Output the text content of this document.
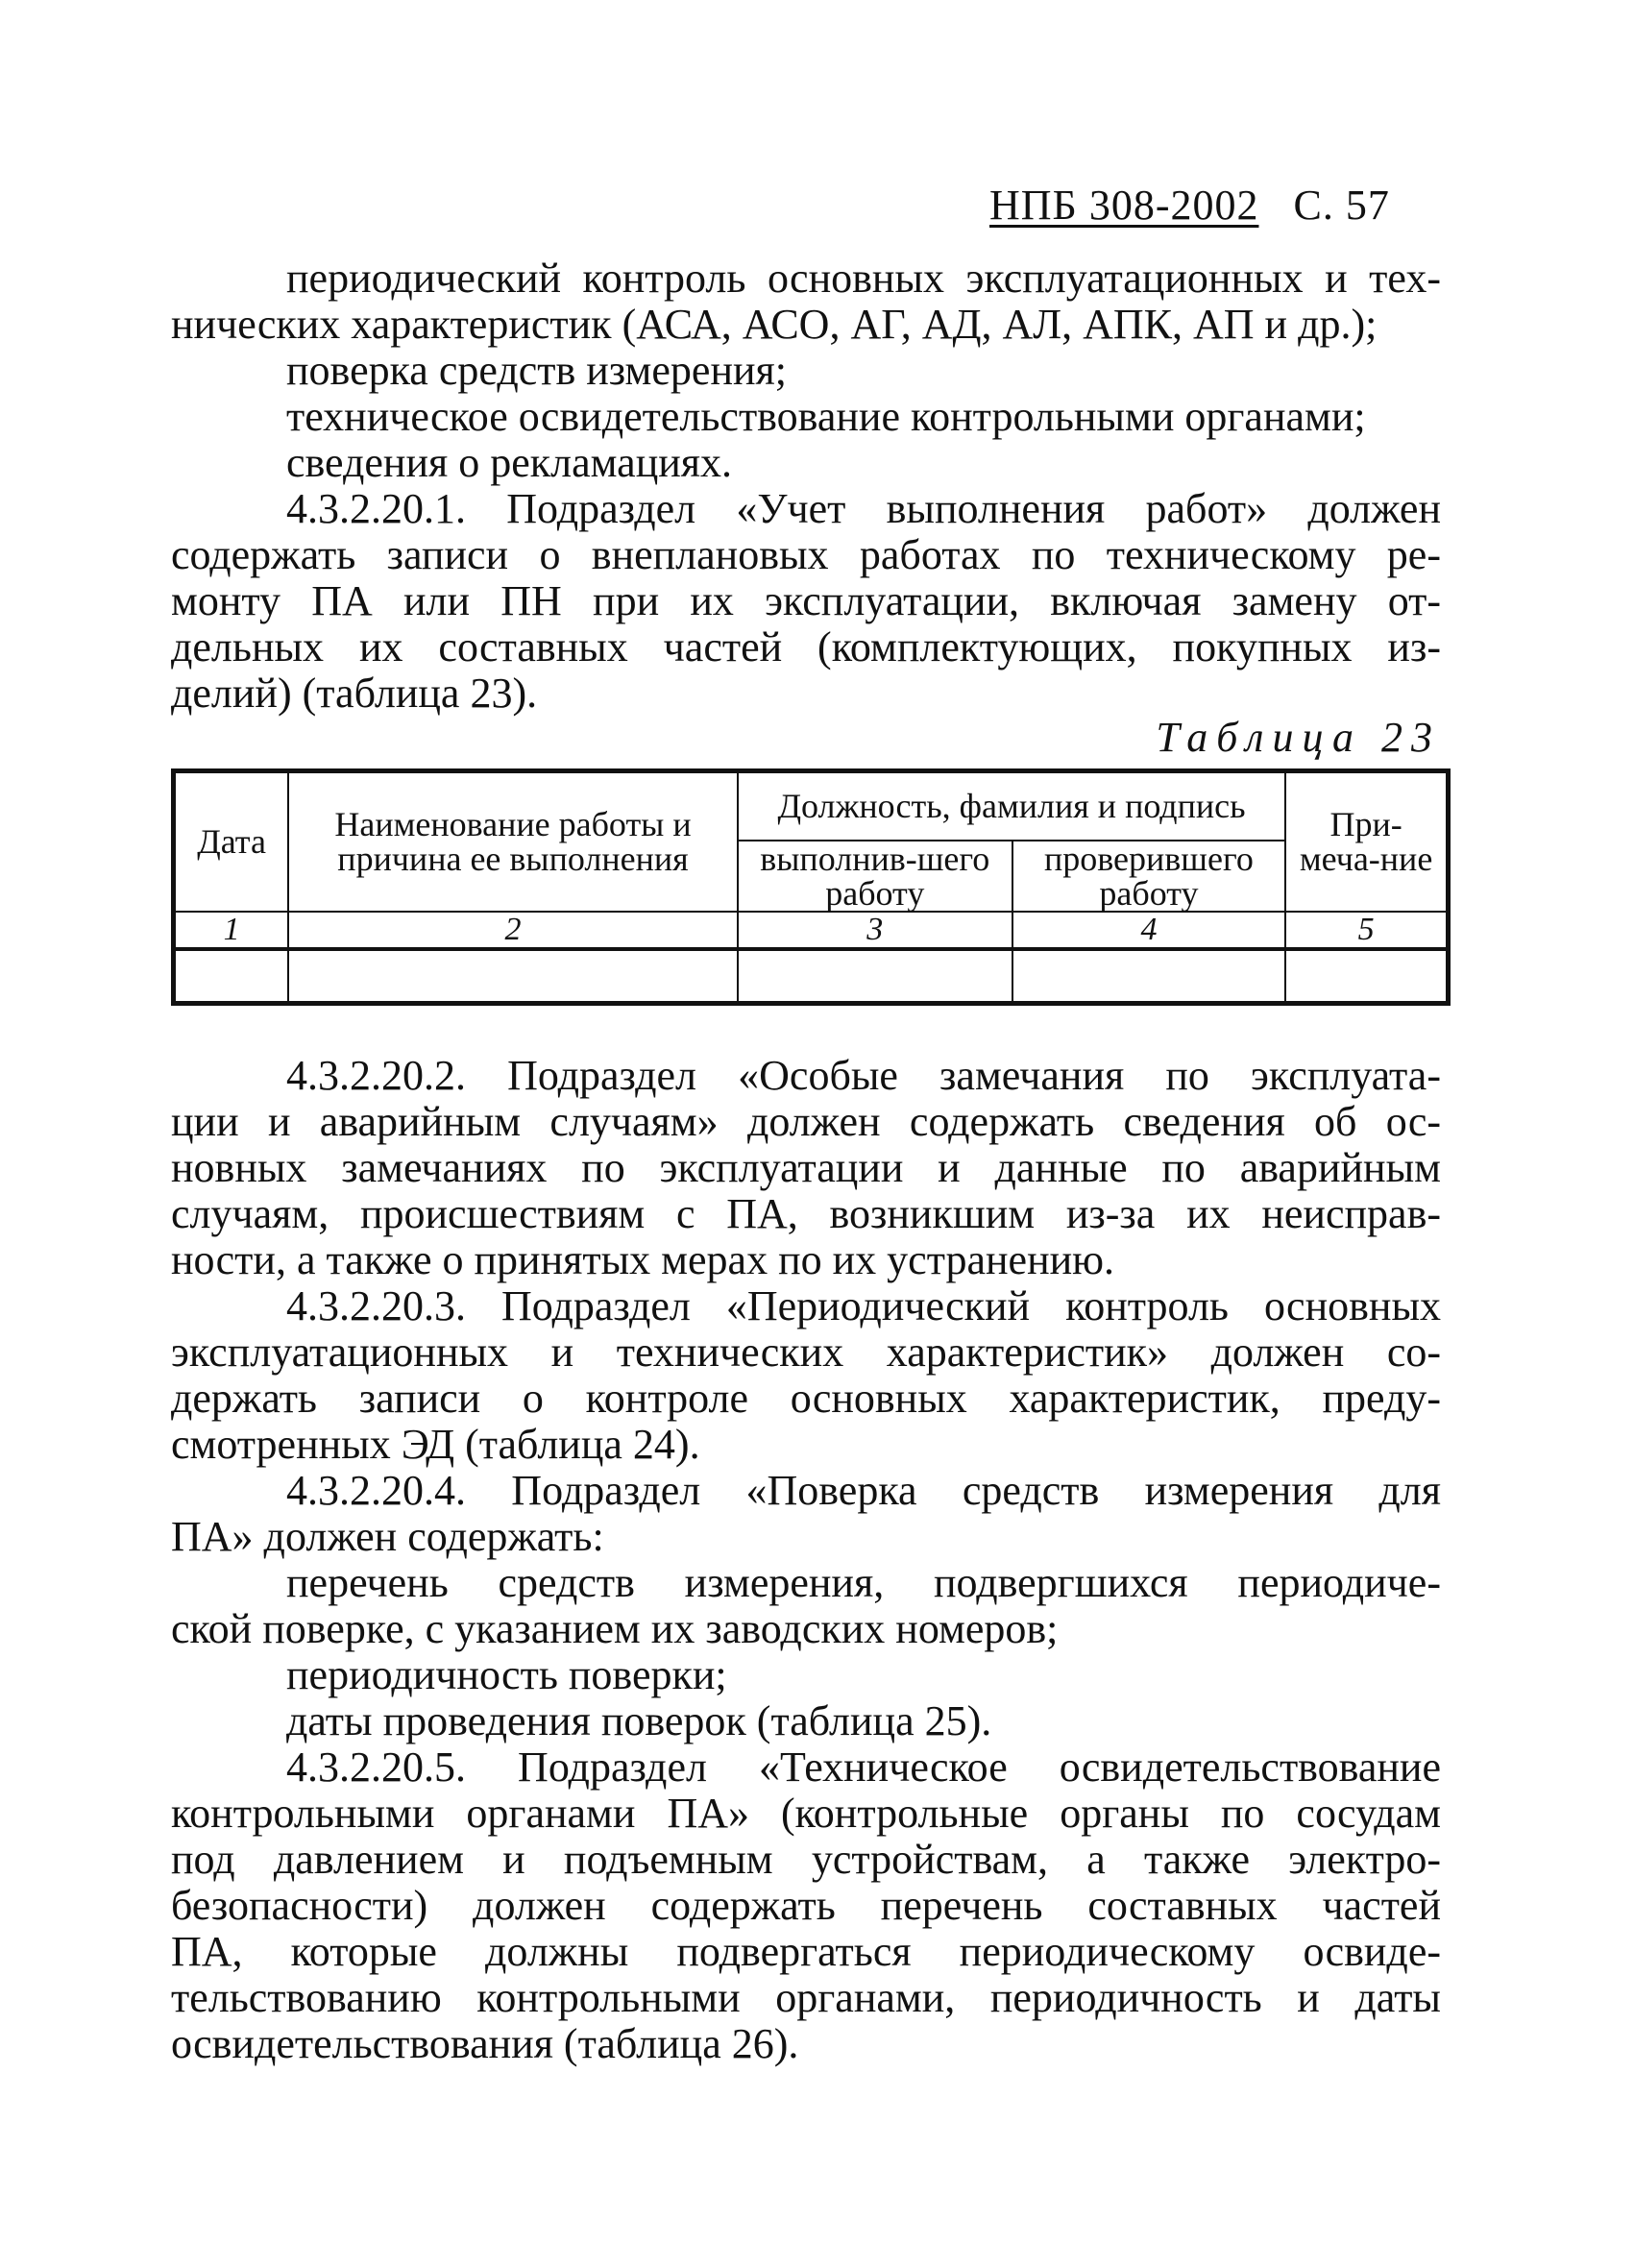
НПБ 308-2002 С. 57
периодический контроль основных эксплуатационных и тех-
нических характеристик (АСА, АСО, АГ, АД, АЛ, АПК, АП и др.);
поверка средств измерения;
техническое освидетельствование контрольными органами;
сведения о рекламациях.
4.3.2.20.1. Подраздел «Учет выполнения работ» должен
содержать записи о внеплановых работах по техническому ре-
монту ПА или ПН при их эксплуатации, включая замену от-
дельных их составных частей (комплектующих, покупных из-
делий) (таблица 23).
Таблица 23
Дата	Наименование работы и причина ее выполнения	Должность, фамилия и подпись		При-меча-ние
		выполнив-шего работу	проверившего работу	
1	2	3	4	5

4.3.2.20.2. Подраздел «Особые замечания по эксплуата-
ции и аварийным случаям» должен содержать сведения об ос-
новных замечаниях по эксплуатации и данные по аварийным
случаям, происшествиям с ПА, возникшим из-за их неисправ-
ности, а также о принятых мерах по их устранению.
4.3.2.20.3. Подраздел «Периодический контроль основных
эксплуатационных и технических характеристик» должен со-
держать записи о контроле основных характеристик, преду-
смотренных ЭД (таблица 24).
4.3.2.20.4. Подраздел «Поверка средств измерения для
ПА» должен содержать:
перечень средств измерения, подвергшихся периодиче-
ской поверке, с указанием их заводских номеров;
периодичность поверки;
даты проведения поверок (таблица 25).
4.3.2.20.5. Подраздел «Техническое освидетельствование
контрольными органами ПА» (контрольные органы по сосудам
под давлением и подъемным устройствам, а также электро-
безопасности) должен содержать перечень составных частей
ПА, которые должны подвергаться периодическому освиде-
тельствованию контрольными органами, периодичность и даты
освидетельствования (таблица 26).
